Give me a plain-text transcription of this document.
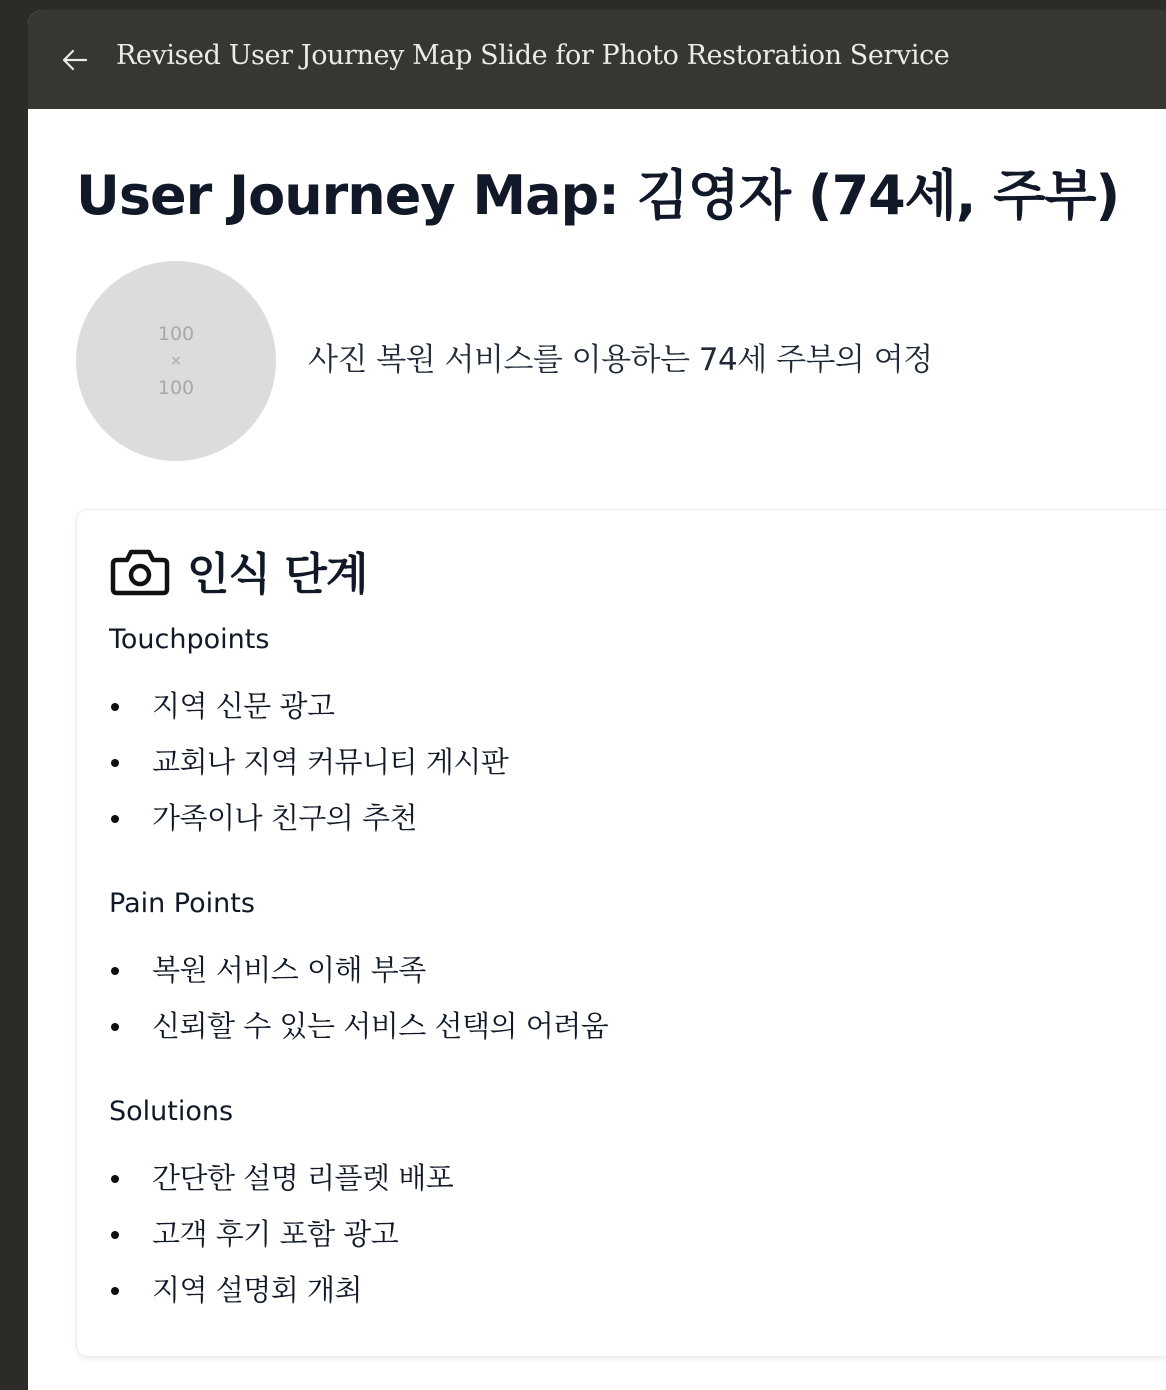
Revised User Journey Map Slide for Photo Restoration Service
User Journey Map: 김영자 (74세, 주부)
100
×
100
사진 복원 서비스를 이용하는 74세 주부의 여정
인식 단계
Touchpoints
지역 신문 광고
교회나 지역 커뮤니티 게시판
가족이나 친구의 추천
Pain Points
복원 서비스 이해 부족
신뢰할 수 있는 서비스 선택의 어려움
Solutions
간단한 설명 리플렛 배포
고객 후기 포함 광고
지역 설명회 개최
